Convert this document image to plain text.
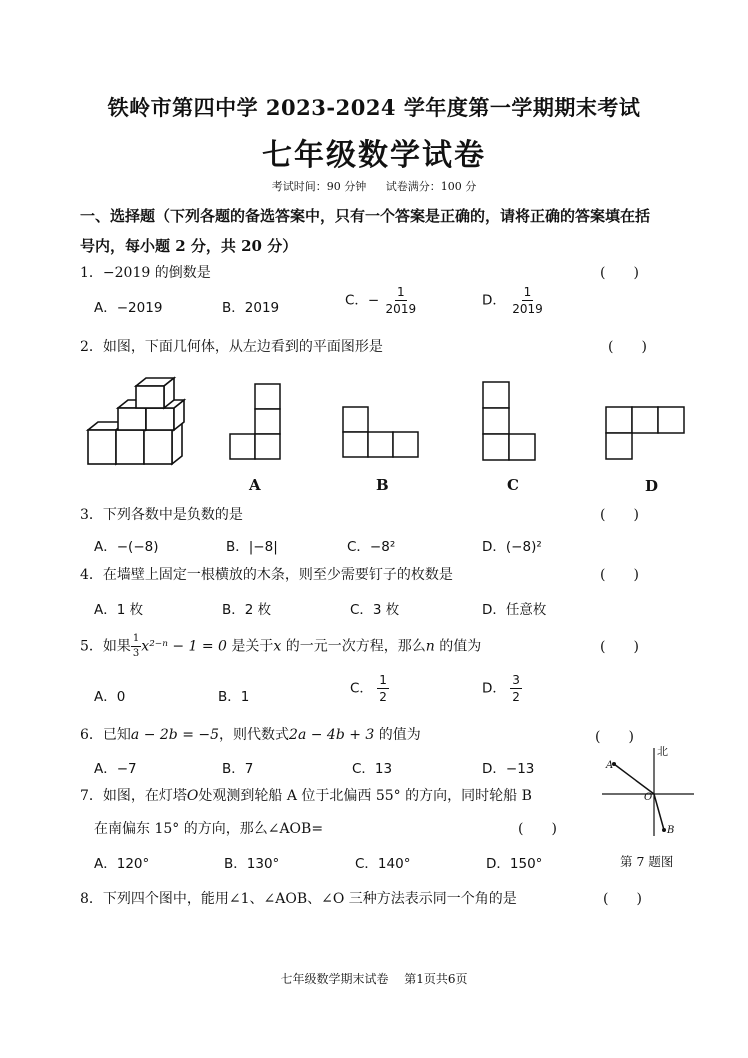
铁岭市第四中学 2023-2024 学年度第一学期期末考试
七年级数学试卷
考试时间：90 分钟 试卷满分：100 分
一、选择题（下列各题的备选答案中，只有一个答案是正确的，请将正确的答案填在括
号内，每小题 2 分，共 20 分）
1．−2019 的倒数是	(　　)
A．−2019	B．2019	C．− $\frac{1}{2019}$	D． $\frac{1}{2019}$
2．如图，下面几何体，从左边看到的平面图形是	(　　)
A	B	C	D
3．下列各数中是负数的是	(　　)
A．−(−8)	B．|−8|	C．−8²	D．(−8)²
4．在墙壁上固定一根横放的木条，则至少需要钉子的枚数是	(　　)
A．1 枚	B．2 枚	C．3 枚	D．任意枚
5．如果 $\frac{1}{3} x^{2-n} - 1 = 0$ 是关于x 的一元一次方程，那么n 的值为	(　　)
A．0	B．1
C． $\frac{1}{2}$	D． $\frac{3}{2}$
6．已知a − 2b = −5，则代数式2a − 4b + 3 的值为	(　　)
A．−7	B．7	C．13	D．−13
7．如图，在灯塔O处观测到轮船 A 位于北偏西 55° 的方向，同时轮船 B
在南偏东 15° 的方向，那么∠AOB=	(　　)
A．120°	B．130°	C．140°	D．150°
北
A
O
B
第 7 题图
8．下列四个图中，能用∠1、∠AOB、∠O 三种方法表示同一个角的是	(　　)
七年级数学期末试卷　 第1页共6页
